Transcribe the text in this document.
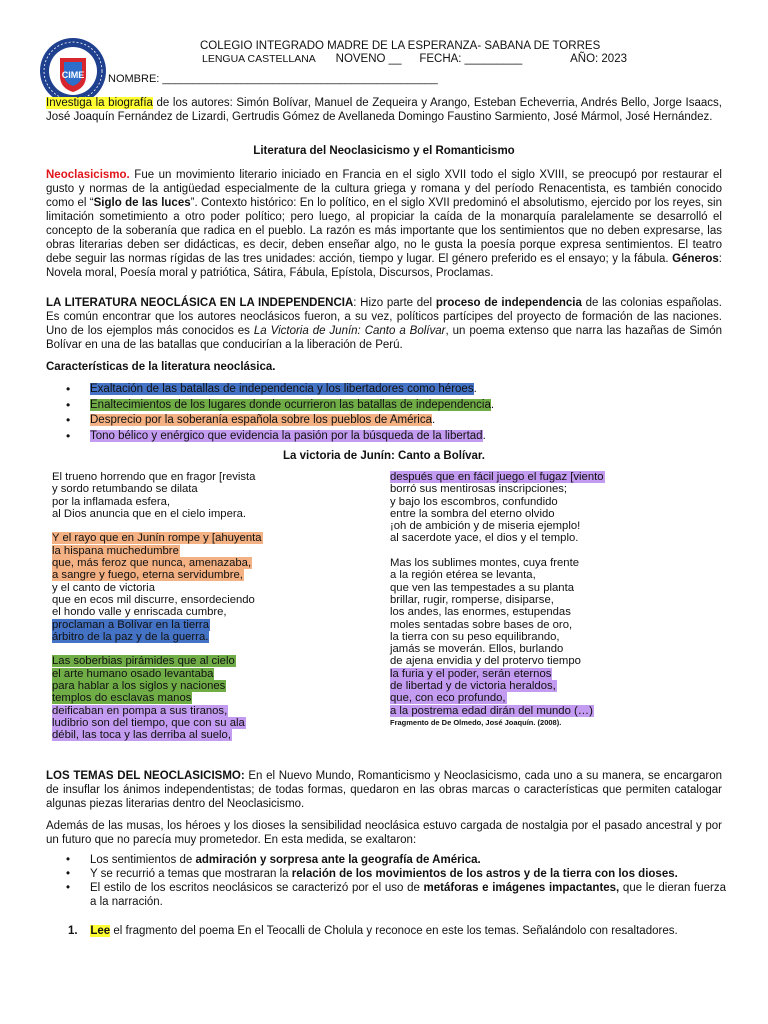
CIME
COLEGIO INTEGRADO MADRE DE LA ESPERANZA- SABANA DE TORRES
LENGUA CASTELLANA NOVENO __ FECHA: _________	AÑO: 2023
NOMBRE: _____________________________________________
Investiga la biografía de los autores: Simón Bolívar, Manuel de Zequeira y Arango, Esteban Echeverria, Andrés Bello, Jorge Isaacs, José Joaquín Fernández de Lizardi, Gertrudis Gómez de Avellaneda Domingo Faustino Sarmiento, José Mármol, José Hernández.
Literatura del Neoclasicismo y el Romanticismo
Neoclasicismo. Fue un movimiento literario iniciado en Francia en el siglo XVII todo el siglo XVIII, se preocupó por restaurar el gusto y normas de la antigüedad especialmente de la cultura griega y romana y del período Renacentista, es también conocido como el “Siglo de las luces”. Contexto histórico: En lo político, en el siglo XVII predominó el absolutismo, ejercido por los reyes, sin limitación sometimiento a otro poder político; pero luego, al propiciar la caída de la monarquía paralelamente se desarrolló el concepto de la soberanía que radica en el pueblo. La razón es más importante que los sentimientos que no deben expresarse, las obras literarias deben ser didácticas, es decir, deben enseñar algo, no le gusta la poesía porque expresa sentimientos. El teatro debe seguir las normas rígidas de las tres unidades: acción, tiempo y lugar. El género preferido es el ensayo; y la fábula. Géneros: Novela moral, Poesía moral y patriótica, Sátira, Fábula, Epístola, Discursos, Proclamas.
LA LITERATURA NEOCLÁSICA EN LA INDEPENDENCIA: Hizo parte del proceso de independencia de las colonias españolas. Es común encontrar que los autores neoclásicos fueron, a su vez, políticos partícipes del proyecto de formación de las naciones. Uno de los ejemplos más conocidos es La Victoria de Junín: Canto a Bolívar, un poema extenso que narra las hazañas de Simón Bolívar en una de las batallas que conducirían a la liberación de Perú.
Características de la literatura neoclásica.
• Exaltación de las batallas de independencia y los libertadores como héroes.
• Enaltecimientos de los lugares donde ocurrieron las batallas de independencia.
• Desprecio por la soberanía española sobre los pueblos de América.
• Tono bélico y enérgico que evidencia la pasión por la búsqueda de la libertad.
La victoria de Junín: Canto a Bolívar.
El trueno horrendo que en fragor [revista
y sordo retumbando se dilata
por la inflamada esfera,
al Dios anuncia que en el cielo impera.
Y el rayo que en Junín rompe y [ahuyenta
la hispana muchedumbre
que, más feroz que nunca, amenazaba,
a sangre y fuego, eterna servidumbre,
y el canto de victoria
que en ecos mil discurre, ensordeciendo
el hondo valle y enriscada cumbre,
proclaman a Bolívar en la tierra
árbitro de la paz y de la guerra.
Las soberbias pirámides que al cielo
el arte humano osado levantaba
para hablar a los siglos y naciones
templos do esclavas manos
deificaban en pompa a sus tiranos,
ludibrio son del tiempo, que con su ala
débil, las toca y las derriba al suelo,
después que en fácil juego el fugaz [viento
borró sus mentirosas inscripciones;
y bajo los escombros, confundido
entre la sombra del eterno olvido
¡oh de ambición y de miseria ejemplo!
al sacerdote yace, el dios y el templo.
Mas los sublimes montes, cuya frente
a la región etérea se levanta,
que ven las tempestades a su planta
brillar, rugir, romperse, disiparse,
los andes, las enormes, estupendas
moles sentadas sobre bases de oro,
la tierra con su peso equilibrando,
jamás se moverán. Ellos, burlando
de ajena envidia y del protervo tiempo
la furia y el poder, serán eternos
de libertad y de victoria heraldos,
que, con eco profundo,
a la postrema edad dirán del mundo (…)
Fragmento de De Olmedo, José Joaquín. (2008).
LOS TEMAS DEL NEOCLASICISMO: En el Nuevo Mundo, Romanticismo y Neoclasicismo, cada uno a su manera, se encargaron de insuflar los ánimos independentistas; de todas formas, quedaron en las obras marcas o características que permiten catalogar algunas piezas literarias dentro del Neoclasicismo.
Además de las musas, los héroes y los dioses la sensibilidad neoclásica estuvo cargada de nostalgia por el pasado ancestral y por un futuro que no parecía muy prometedor. En esta medida, se exaltaron:
• Los sentimientos de admiración y sorpresa ante la geografía de América.
• Y se recurrió a temas que mostraran la relación de los movimientos de los astros y de la tierra con los dioses.
• El estilo de los escritos neoclásicos se caracterizó por el uso de metáforas e imágenes impactantes, que le dieran fuerza a la narración.
1. Lee el fragmento del poema En el Teocalli de Cholula y reconoce en este los temas. Señalándolo con resaltadores.
